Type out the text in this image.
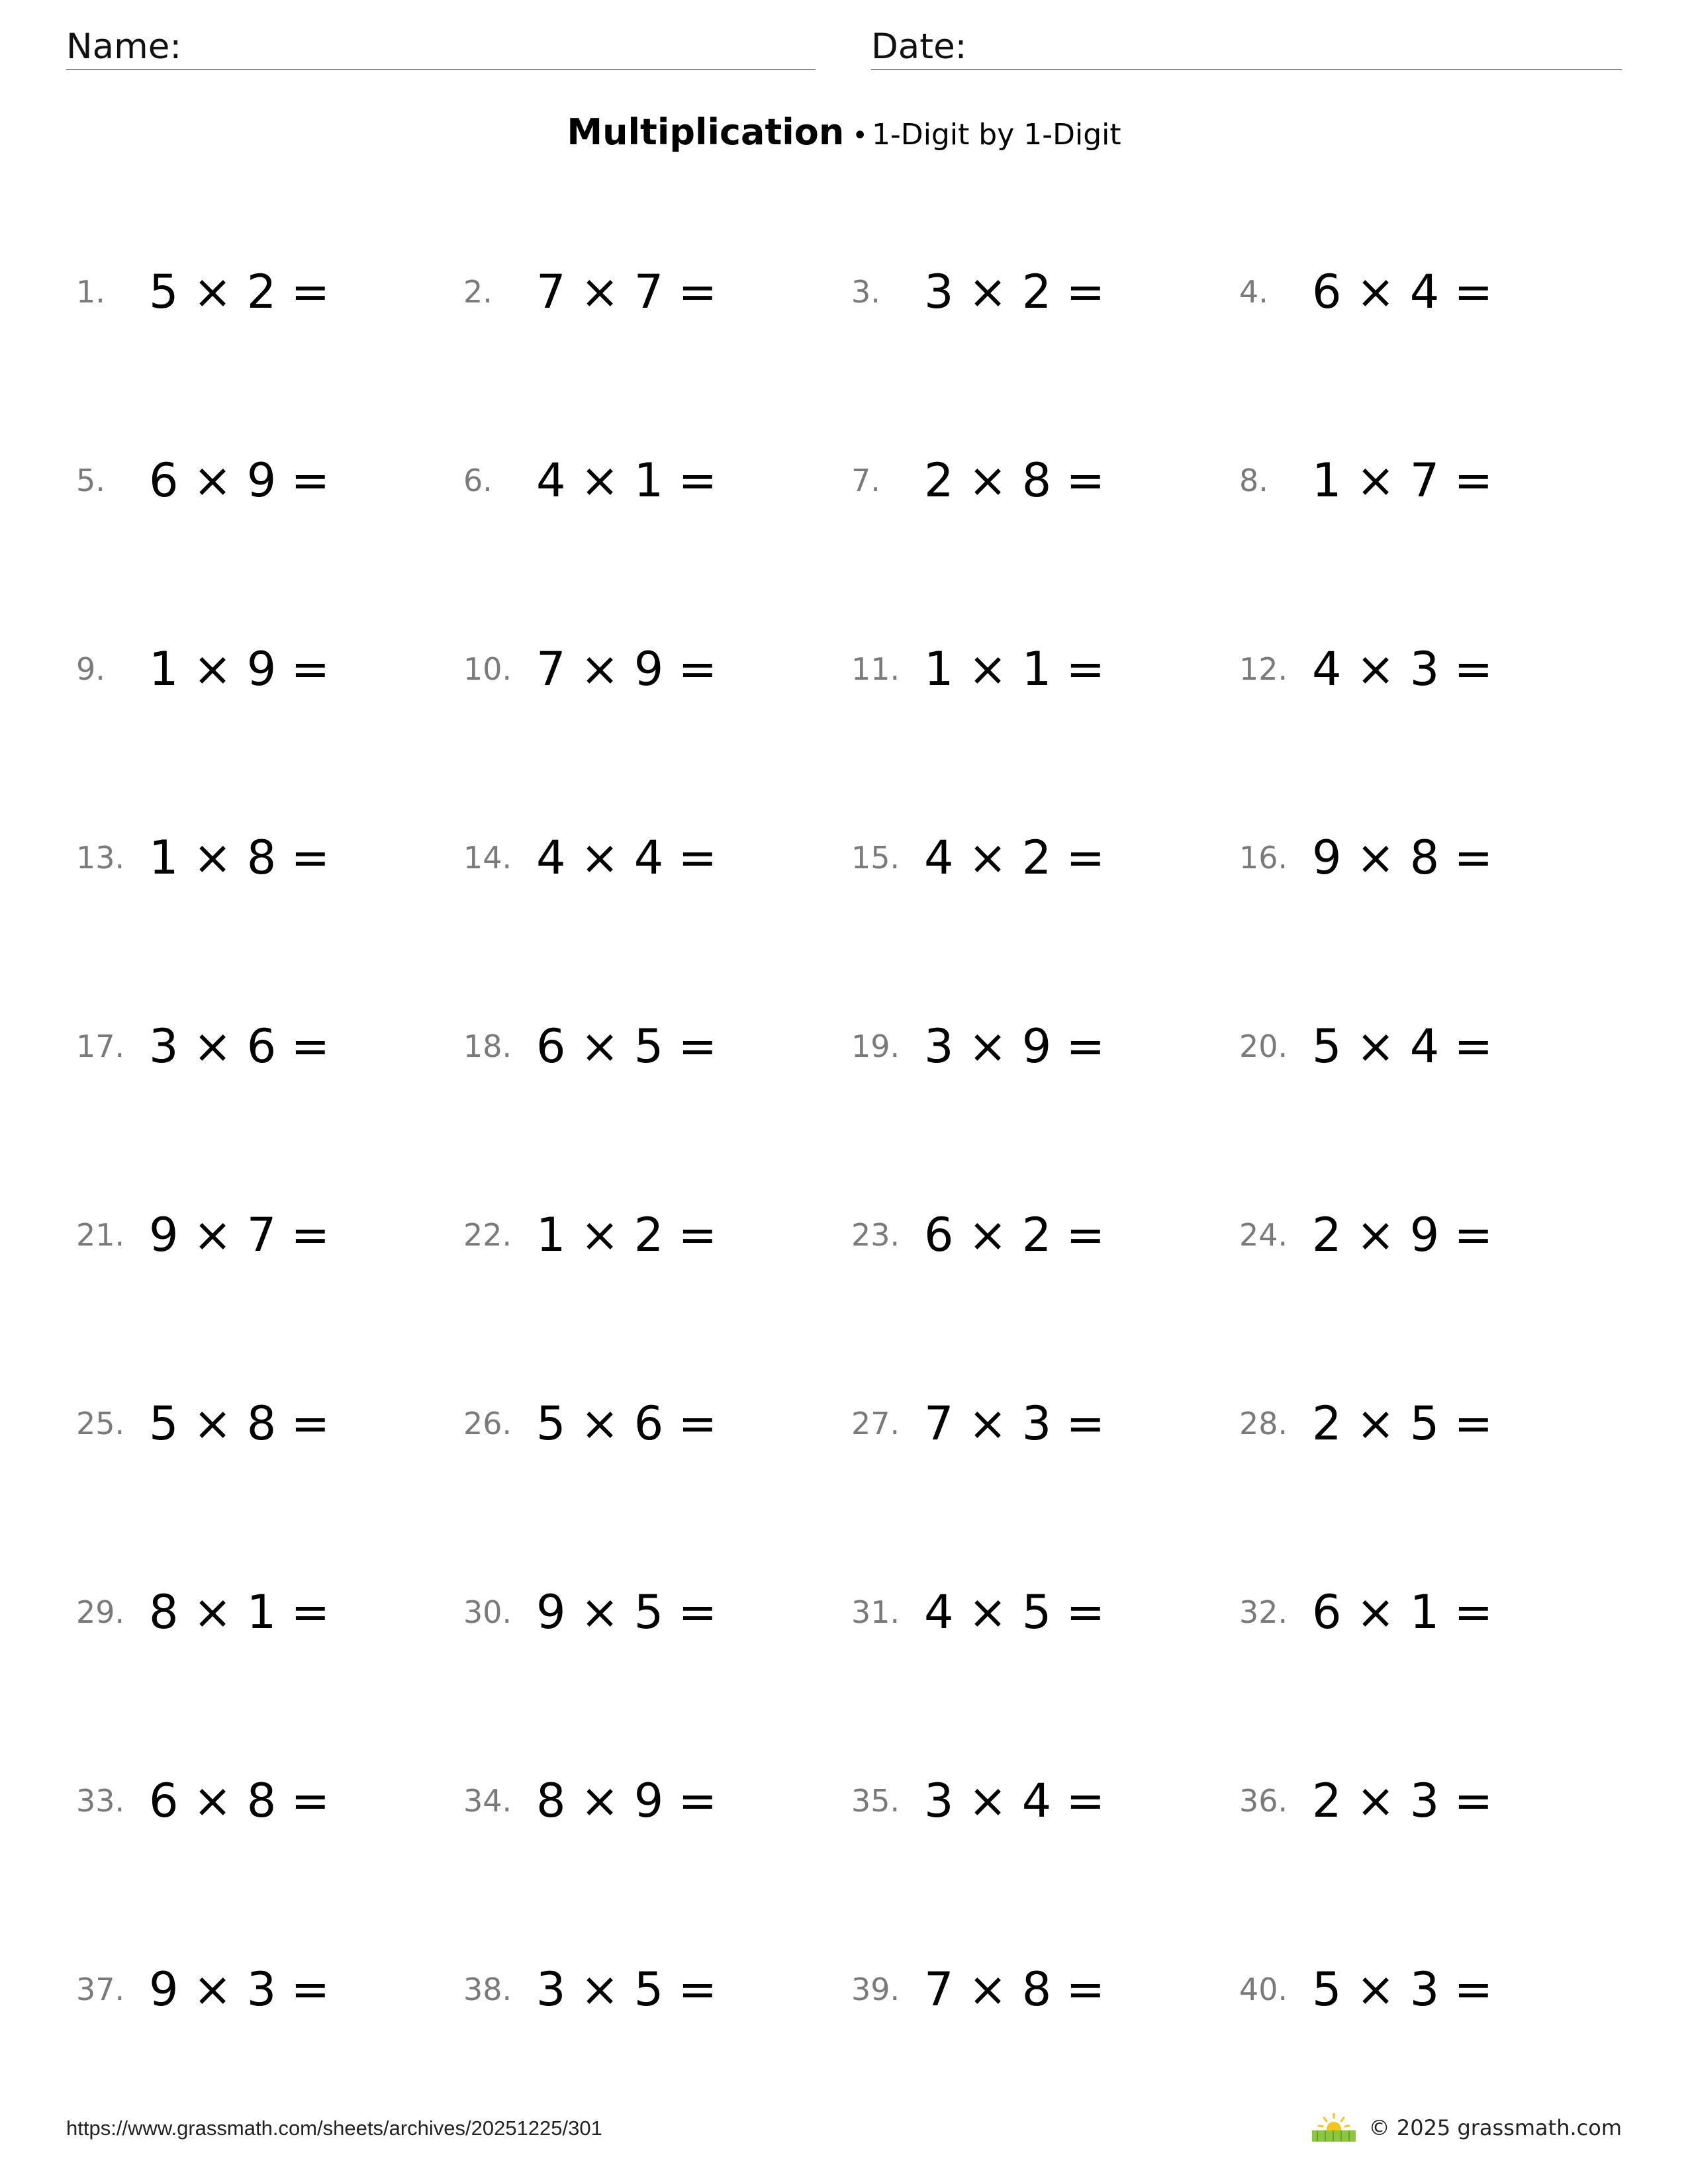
Name:	Date:
Multiplication • 1-Digit by 1-Digit
1. 5 × 2 =	2. 7 × 7 =	3. 3 × 2 =	4. 6 × 4 =
5. 6 × 9 =	6. 4 × 1 =	7. 2 × 8 =	8. 1 × 7 =
9. 1 × 9 =	10. 7 × 9 =	11. 1 × 1 =	12. 4 × 3 =
13. 1 × 8 =	14. 4 × 4 =	15. 4 × 2 =	16. 9 × 8 =
17. 3 × 6 =	18. 6 × 5 =	19. 3 × 9 =	20. 5 × 4 =
21. 9 × 7 =	22. 1 × 2 =	23. 6 × 2 =	24. 2 × 9 =
25. 5 × 8 =	26. 5 × 6 =	27. 7 × 3 =	28. 2 × 5 =
29. 8 × 1 =	30. 9 × 5 =	31. 4 × 5 =	32. 6 × 1 =
33. 6 × 8 =	34. 8 × 9 =	35. 3 × 4 =	36. 2 × 3 =
37. 9 × 3 =	38. 3 × 5 =	39. 7 × 8 =	40. 5 × 3 =
https://www.grassmath.com/sheets/archives/20251225/301	© 2025 grassmath.com
